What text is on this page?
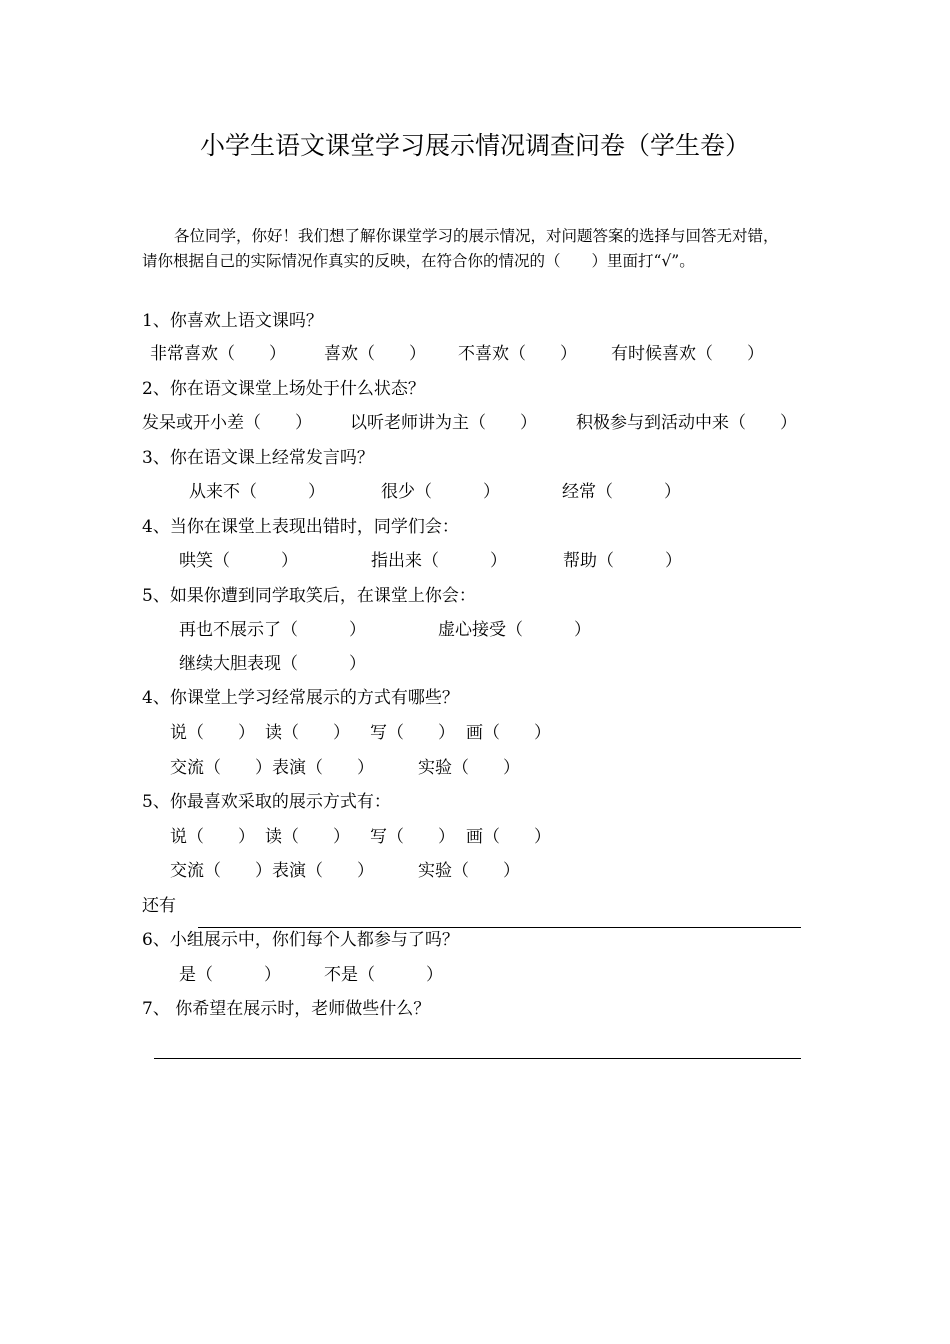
小学生语文课堂学习展示情况调查问卷（学生卷）
各位同学，你好！我们想了解你课堂学习的展示情况，对问题答案的选择与回答无对错，
请你根据自己的实际情况作真实的反映，在符合你的情况的（　　）里面打“√”。
1、你喜欢上语文课吗？
非常喜欢（　　） 喜欢（　　） 不喜欢（　　） 有时候喜欢（　　）
2、你在语文课堂上场处于什么状态？
发呆或开小差（　　） 以听老师讲为主（　　） 积极参与到活动中来（　　）
3、你在语文课上经常发言吗？
从来不（　　　）	很少（　　　）	经常（　　　）
4、当你在课堂上表现出错时，同学们会：
哄笑（　　　）	指出来（　　　）	帮助（　　　）
5、如果你遭到同学取笑后，在课堂上你会：
再也不展示了（　　　）	虚心接受（　　　）
继续大胆表现（　　　）
4、你课堂上学习经常展示的方式有哪些？
说（　　） 读（　　） 写（　　） 画（　　）
交流（　　）表演（　　）	实验（　　）
5、你最喜欢采取的展示方式有：
说（　　） 读（　　） 写（　　） 画（　　）
交流（　　）表演（　　）	实验（　　）
还有
6、小组展示中，你们每个人都参与了吗？
是（　　　）	不是（　　　）
7、 你希望在展示时，老师做些什么？
